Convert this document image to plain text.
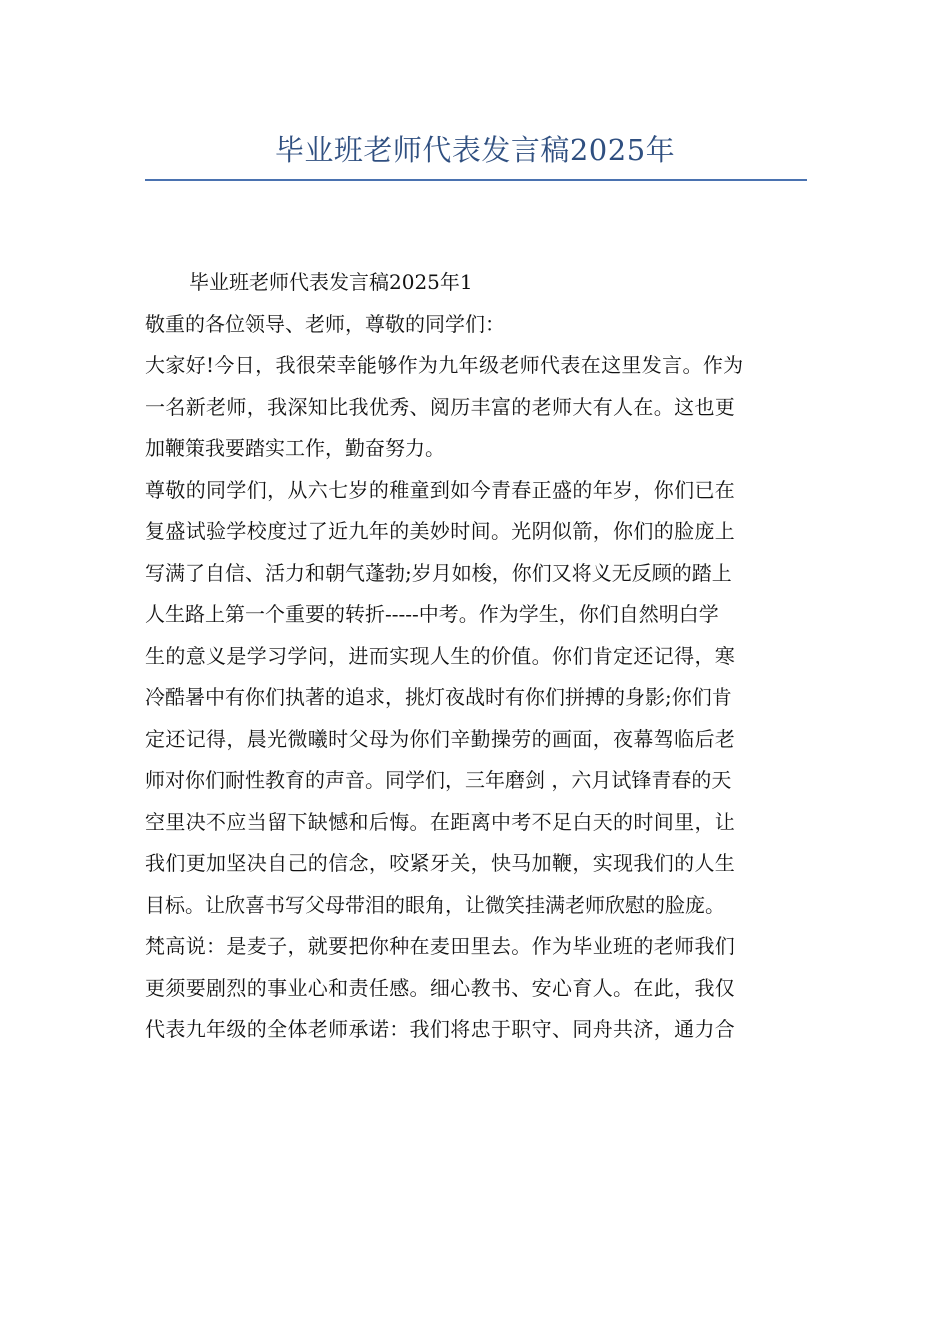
毕业班老师代表发言稿2025年
毕业班老师代表发言稿2025年1
敬重的各位领导、老师，尊敬的同学们：
大家好!今日，我很荣幸能够作为九年级老师代表在这里发言。作为
一名新老师，我深知比我优秀、阅历丰富的老师大有人在。这也更
加鞭策我要踏实工作，勤奋努力。
尊敬的同学们，从六七岁的稚童到如今青春正盛的年岁，你们已在
复盛试验学校度过了近九年的美妙时间。光阴似箭，你们的脸庞上
写满了自信、活力和朝气蓬勃;岁月如梭，你们又将义无反顾的踏上
人生路上第一个重要的转折-----中考。作为学生，你们自然明白学
生的意义是学习学问，进而实现人生的价值。你们肯定还记得，寒
冷酷暑中有你们执著的追求，挑灯夜战时有你们拼搏的身影;你们肯
定还记得，晨光微曦时父母为你们辛勤操劳的画面，夜幕驾临后老
师对你们耐性教育的声音。同学们，三年磨剑 ，六月试锋青春的天
空里决不应当留下缺憾和后悔。在距离中考不足白天的时间里，让
我们更加坚决自己的信念，咬紧牙关，快马加鞭，实现我们的人生
目标。让欣喜书写父母带泪的眼角，让微笑挂满老师欣慰的脸庞。
梵高说：是麦子，就要把你种在麦田里去。作为毕业班的老师我们
更须要剧烈的事业心和责任感。细心教书、安心育人。在此，我仅
代表九年级的全体老师承诺：我们将忠于职守、同舟共济，通力合
